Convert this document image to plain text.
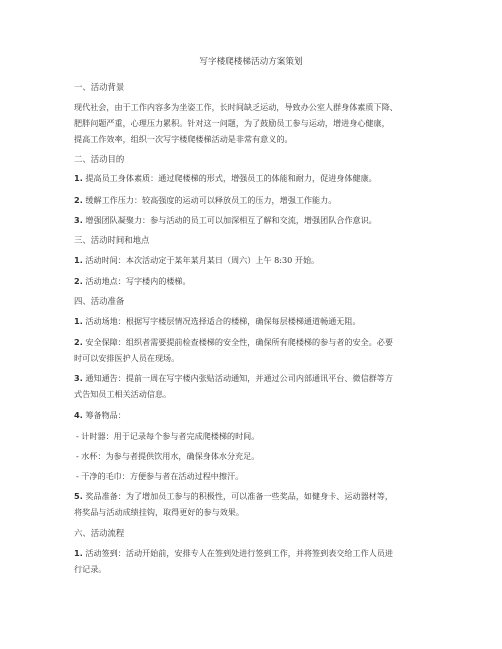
写字楼爬楼梯活动方案策划
一、活动背景
现代社会，由于工作内容多为坐姿工作，长时间缺乏运动，导致办公室人群身体素质下降、
肥胖问题严重，心理压力累积。针对这一问题，为了鼓励员工参与运动，增进身心健康，
提高工作效率，组织一次写字楼爬楼梯活动是非常有意义的。
二、活动目的
1. 提高员工身体素质：通过爬楼梯的形式，增强员工的体能和耐力，促进身体健康。
2. 缓解工作压力：较高强度的运动可以释放员工的压力，增强工作能力。
3. 增强团队凝聚力：参与活动的员工可以加深相互了解和交流，增强团队合作意识。
三、活动时间和地点
1. 活动时间：本次活动定于某年某月某日（周六）上午 8:30 开始。
2. 活动地点：写字楼内的楼梯。
四、活动准备
1. 活动场地：根据写字楼层情况选择适合的楼梯，确保每层楼梯通道畅通无阻。
2. 安全保障：组织者需要提前检查楼梯的安全性，确保所有爬楼梯的参与者的安全。必要
时可以安排医护人员在现场。
3. 通知通告：提前一周在写字楼内张贴活动通知，并通过公司内部通讯平台、微信群等方
式告知员工相关活动信息。
4. 筹备物品：
- 计时器：用于记录每个参与者完成爬楼梯的时间。
- 水杯：为参与者提供饮用水，确保身体水分充足。
- 干净的毛巾：方便参与者在活动过程中擦汗。
5. 奖品准备：为了增加员工参与的积极性，可以准备一些奖品，如健身卡、运动器材等，
将奖品与活动成绩挂钩，取得更好的参与效果。
六、活动流程
1. 活动签到：活动开始前，安排专人在签到处进行签到工作，并将签到表交给工作人员进
行记录。
